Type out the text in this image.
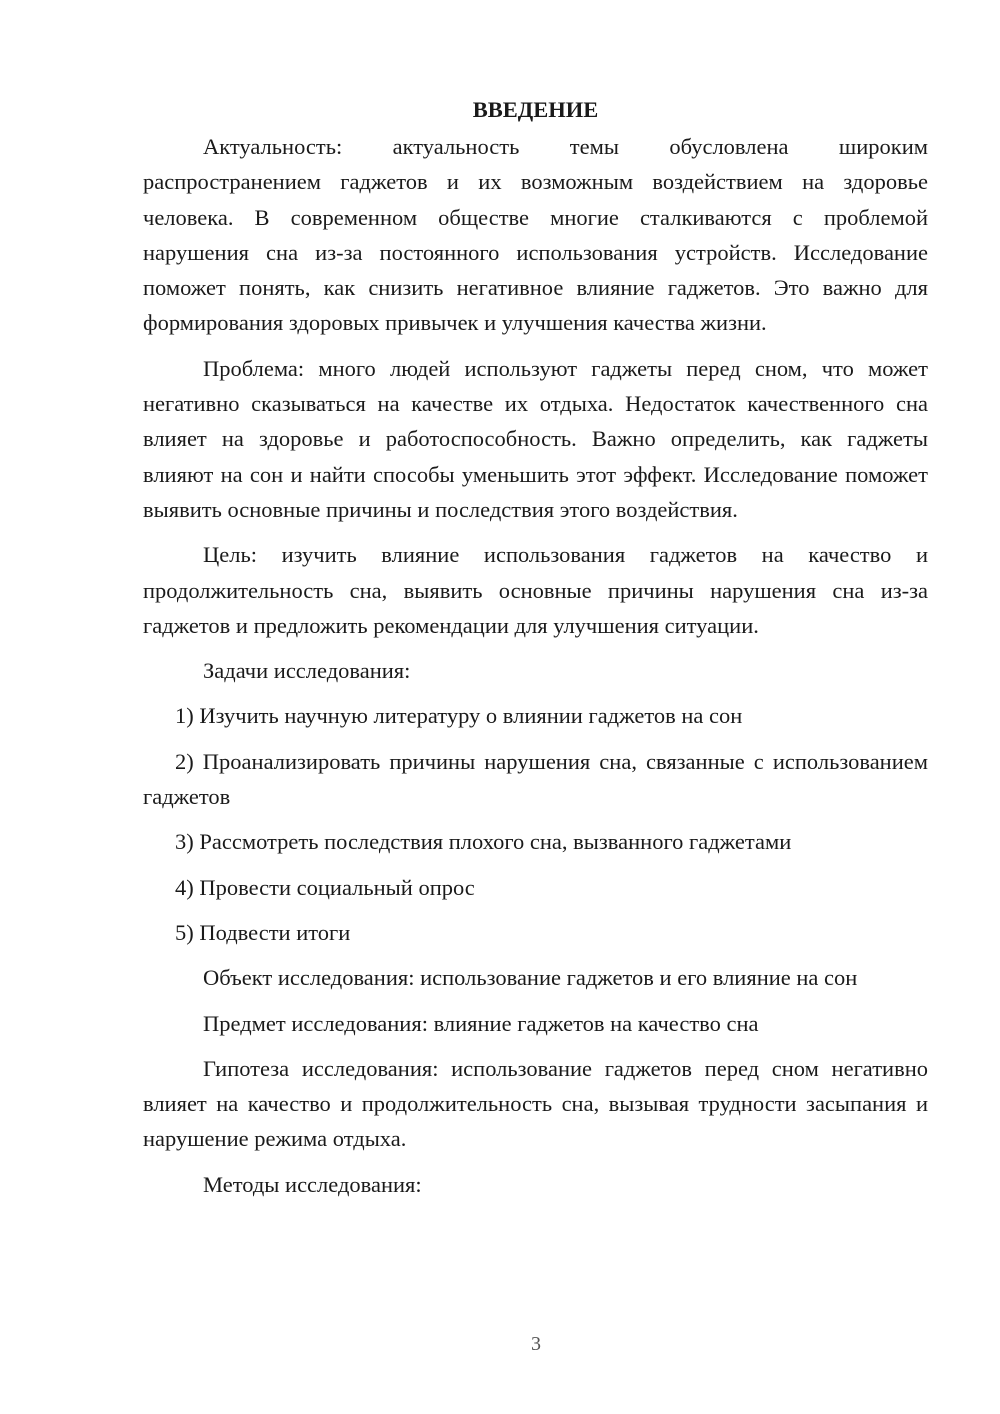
ВВЕДЕНИЕ

Актуальность: актуальность темы обусловлена широким распространением гаджетов и их возможным воздействием на здоровье человека. В современном обществе многие сталкиваются с проблемой нарушения сна из-за постоянного использования устройств. Исследование поможет понять, как снизить негативное влияние гаджетов. Это важно для формирования здоровых привычек и улучшения качества жизни.

Проблема: много людей используют гаджеты перед сном, что может негативно сказываться на качестве их отдыха. Недостаток качественного сна влияет на здоровье и работоспособность. Важно определить, как гаджеты влияют на сон и найти способы уменьшить этот эффект. Исследование поможет выявить основные причины и последствия этого воздействия.

Цель: изучить влияние использования гаджетов на качество и продолжительность сна, выявить основные причины нарушения сна из-за гаджетов и предложить рекомендации для улучшения ситуации.

Задачи исследования:

1) Изучить научную литературу о влиянии гаджетов на сон

2) Проанализировать причины нарушения сна, связанные с использованием гаджетов

3) Рассмотреть последствия плохого сна, вызванного гаджетами

4) Провести социальный опрос

5) Подвести итоги

Объект исследования: использование гаджетов и его влияние на сон

Предмет исследования: влияние гаджетов на качество сна

Гипотеза исследования: использование гаджетов перед сном негативно влияет на качество и продолжительность сна, вызывая трудности засыпания и нарушение режима отдыха.

Методы исследования:

3
